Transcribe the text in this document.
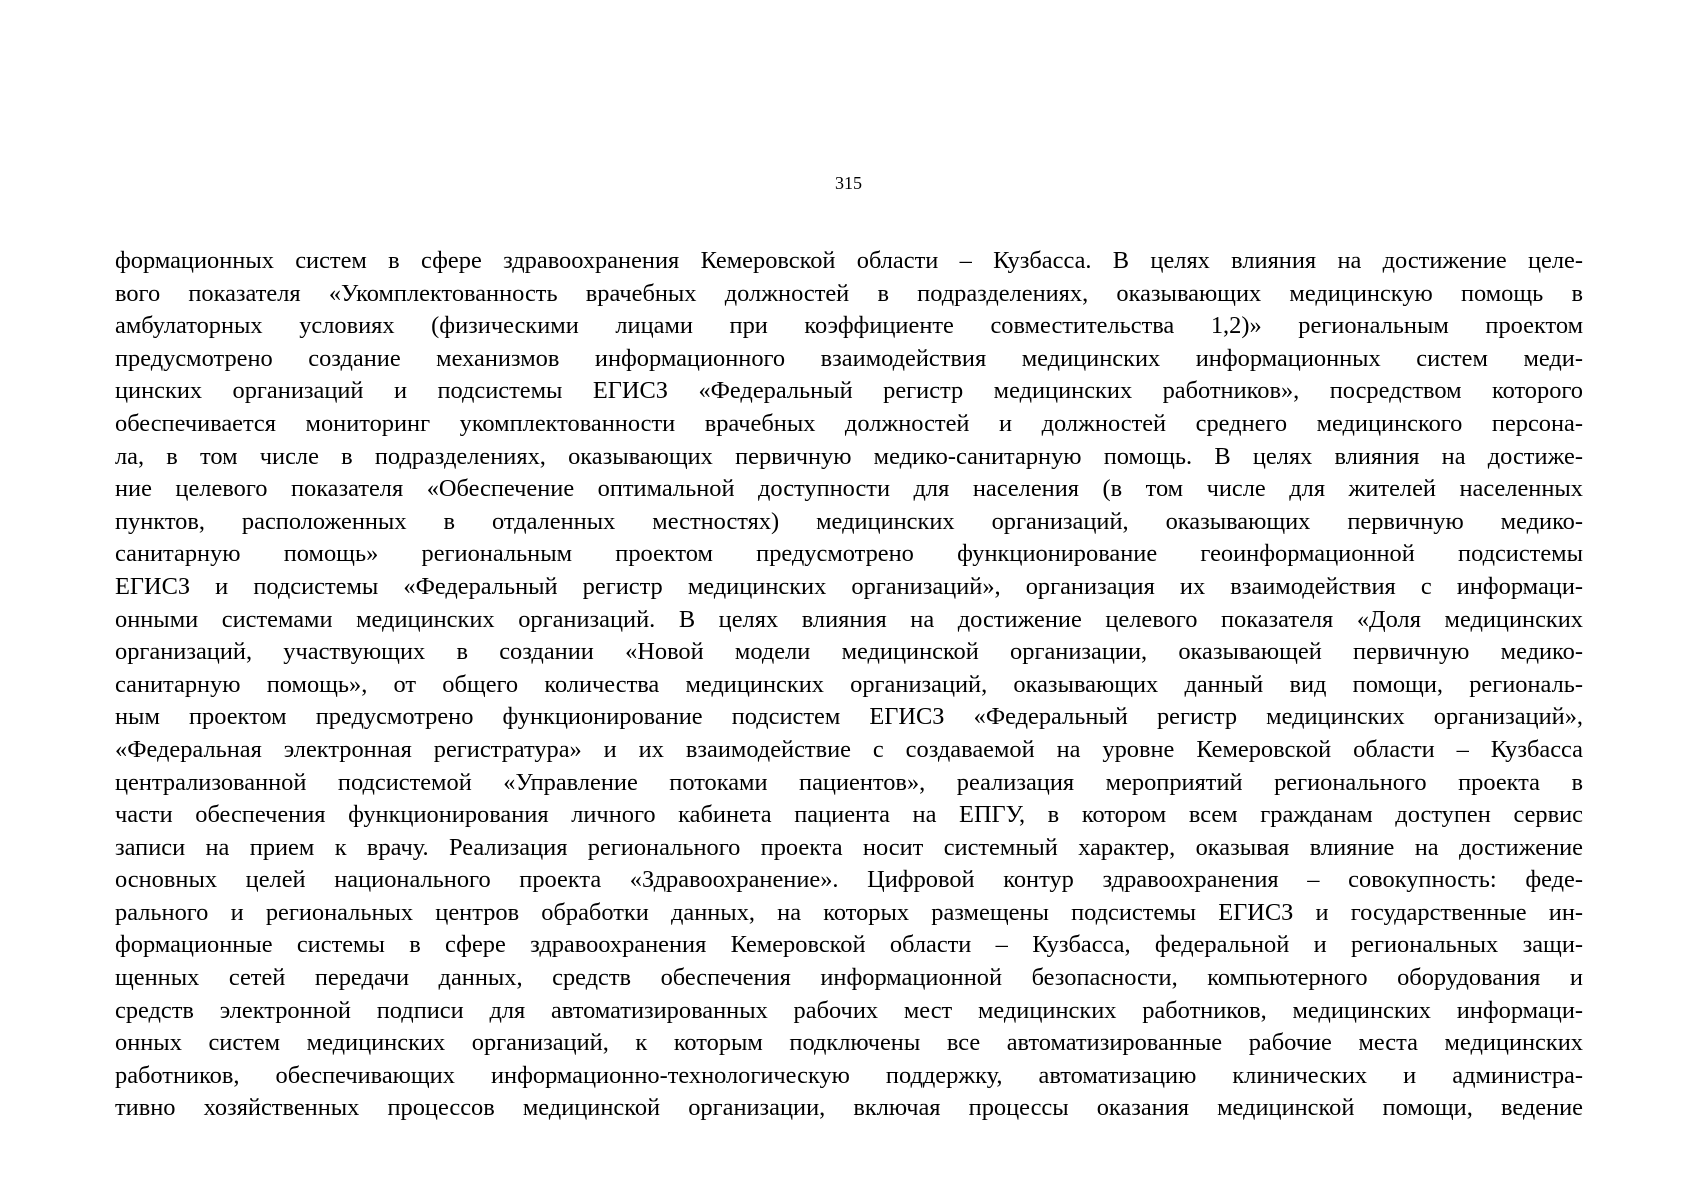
315
формационных систем в сфере здравоохранения Кемеровской области – Кузбасса. В целях влияния на достижение целе-
вого показателя «Укомплектованность врачебных должностей в подразделениях, оказывающих медицинскую помощь в
амбулаторных условиях (физическими лицами при коэффициенте совместительства 1,2)» региональным проектом
предусмотрено создание механизмов информационного взаимодействия медицинских информационных систем меди-
цинских организаций и подсистемы ЕГИСЗ «Федеральный регистр медицинских работников», посредством которого
обеспечивается мониторинг укомплектованности врачебных должностей и должностей среднего медицинского персона-
ла, в том числе в подразделениях, оказывающих первичную медико-санитарную помощь. В целях влияния на достиже-
ние целевого показателя «Обеспечение оптимальной доступности для населения (в том числе для жителей населенных
пунктов, расположенных в отдаленных местностях) медицинских организаций, оказывающих первичную медико-
санитарную помощь» региональным проектом предусмотрено функционирование геоинформационной подсистемы
ЕГИСЗ и подсистемы «Федеральный регистр медицинских организаций», организация их взаимодействия с информаци-
онными системами медицинских организаций. В целях влияния на достижение целевого показателя «Доля медицинских
организаций, участвующих в создании «Новой модели медицинской организации, оказывающей первичную медико-
санитарную помощь», от общего количества медицинских организаций, оказывающих данный вид помощи, региональ-
ным проектом предусмотрено функционирование подсистем ЕГИСЗ «Федеральный регистр медицинских организаций»,
«Федеральная электронная регистратура» и их взаимодействие с создаваемой на уровне Кемеровской области – Кузбасса
централизованной подсистемой «Управление потоками пациентов», реализация мероприятий регионального проекта в
части обеспечения функционирования личного кабинета пациента на ЕПГУ, в котором всем гражданам доступен сервис
записи на прием к врачу. Реализация регионального проекта носит системный характер, оказывая влияние на достижение
основных целей национального проекта «Здравоохранение». Цифровой контур здравоохранения – совокупность: феде-
рального и региональных центров обработки данных, на которых размещены подсистемы ЕГИСЗ и государственные ин-
формационные системы в сфере здравоохранения Кемеровской области – Кузбасса, федеральной и региональных защи-
щенных сетей передачи данных, средств обеспечения информационной безопасности, компьютерного оборудования и
средств электронной подписи для автоматизированных рабочих мест медицинских работников, медицинских информаци-
онных систем медицинских организаций, к которым подключены все автоматизированные рабочие места медицинских
работников, обеспечивающих информационно-технологическую поддержку, автоматизацию клинических и администра-
тивно хозяйственных процессов медицинской организации, включая процессы оказания медицинской помощи, ведение
